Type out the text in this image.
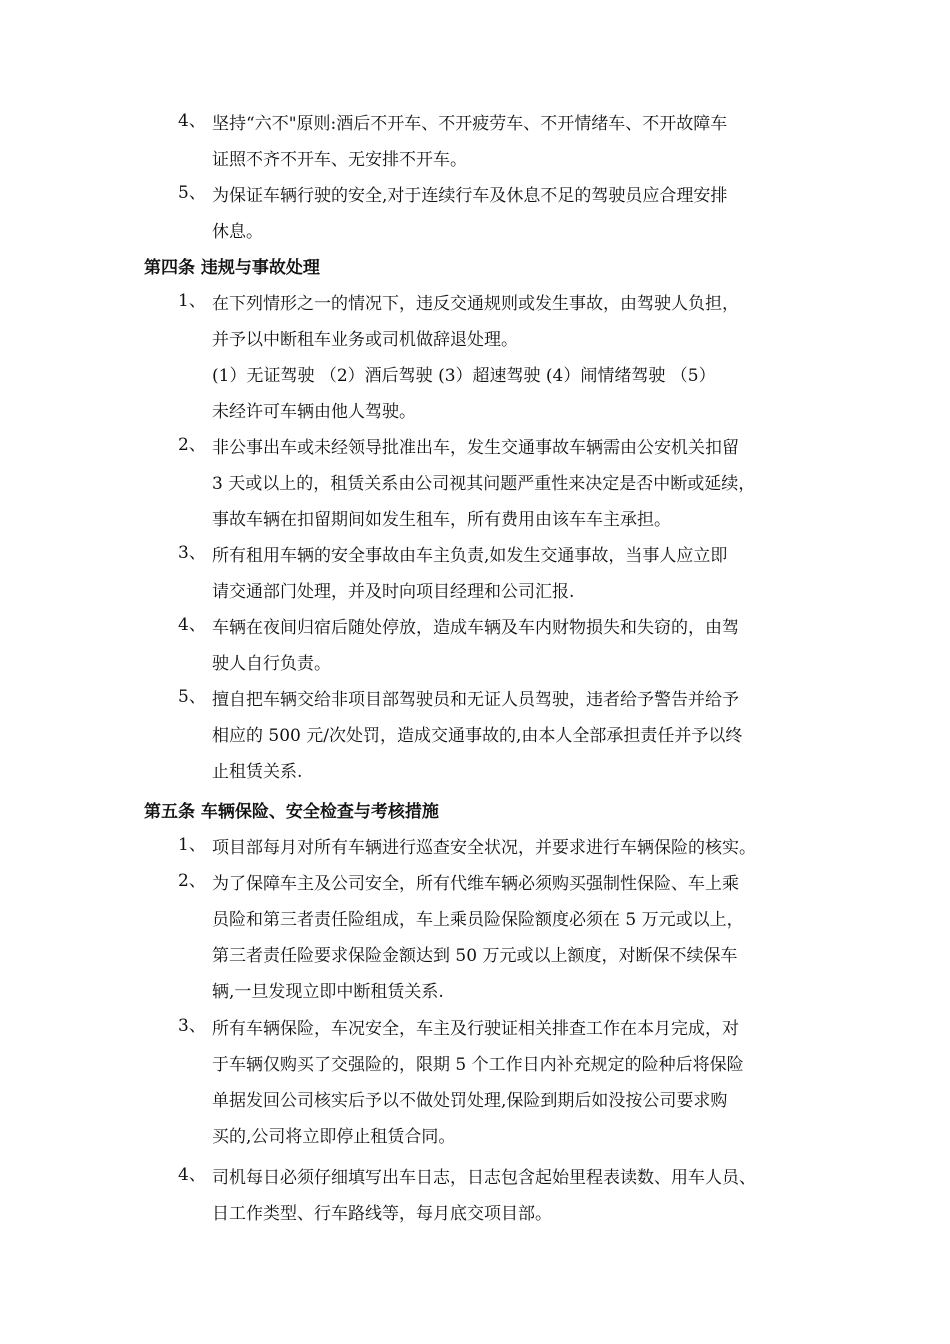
4、 坚持“六不"原则:酒后不开车、不开疲劳车、不开情绪车、不开故障车
证照不齐不开车、无安排不开车。
5、 为保证车辆行驶的安全,对于连续行车及休息不足的驾驶员应合理安排
休息。
第四条 违规与事故处理
1、 在下列情形之一的情况下，违反交通规则或发生事故，由驾驶人负担，
并予以中断租车业务或司机做辞退处理。
(1）无证驾驶 （2）酒后驾驶 (3）超速驾驶 (4）闹情绪驾驶 （5）
未经许可车辆由他人驾驶。
2、 非公事出车或未经领导批准出车，发生交通事故车辆需由公安机关扣留
3 天或以上的，租赁关系由公司视其问题严重性来决定是否中断或延续，
事故车辆在扣留期间如发生租车，所有费用由该车车主承担。
3、 所有租用车辆的安全事故由车主负责,如发生交通事故，当事人应立即
请交通部门处理，并及时向项目经理和公司汇报.
4、 车辆在夜间归宿后随处停放，造成车辆及车内财物损失和失窃的，由驾
驶人自行负责。
5、 擅自把车辆交给非项目部驾驶员和无证人员驾驶，违者给予警告并给予
相应的 500 元/次处罚，造成交通事故的,由本人全部承担责任并予以终
止租赁关系.
第五条 车辆保险、安全检查与考核措施
1、 项目部每月对所有车辆进行巡查安全状况，并要求进行车辆保险的核实。
2、 为了保障车主及公司安全，所有代维车辆必须购买强制性保险、车上乘
员险和第三者责任险组成，车上乘员险保险额度必须在 5 万元或以上，
第三者责任险要求保险金额达到 50 万元或以上额度，对断保不续保车
辆,一旦发现立即中断租赁关系.
3、 所有车辆保险，车况安全，车主及行驶证相关排查工作在本月完成，对
于车辆仅购买了交强险的，限期 5 个工作日内补充规定的险种后将保险
单据发回公司核实后予以不做处罚处理,保险到期后如没按公司要求购
买的,公司将立即停止租赁合同。
4、 司机每日必须仔细填写出车日志，日志包含起始里程表读数、用车人员、
日工作类型、行车路线等，每月底交项目部。
